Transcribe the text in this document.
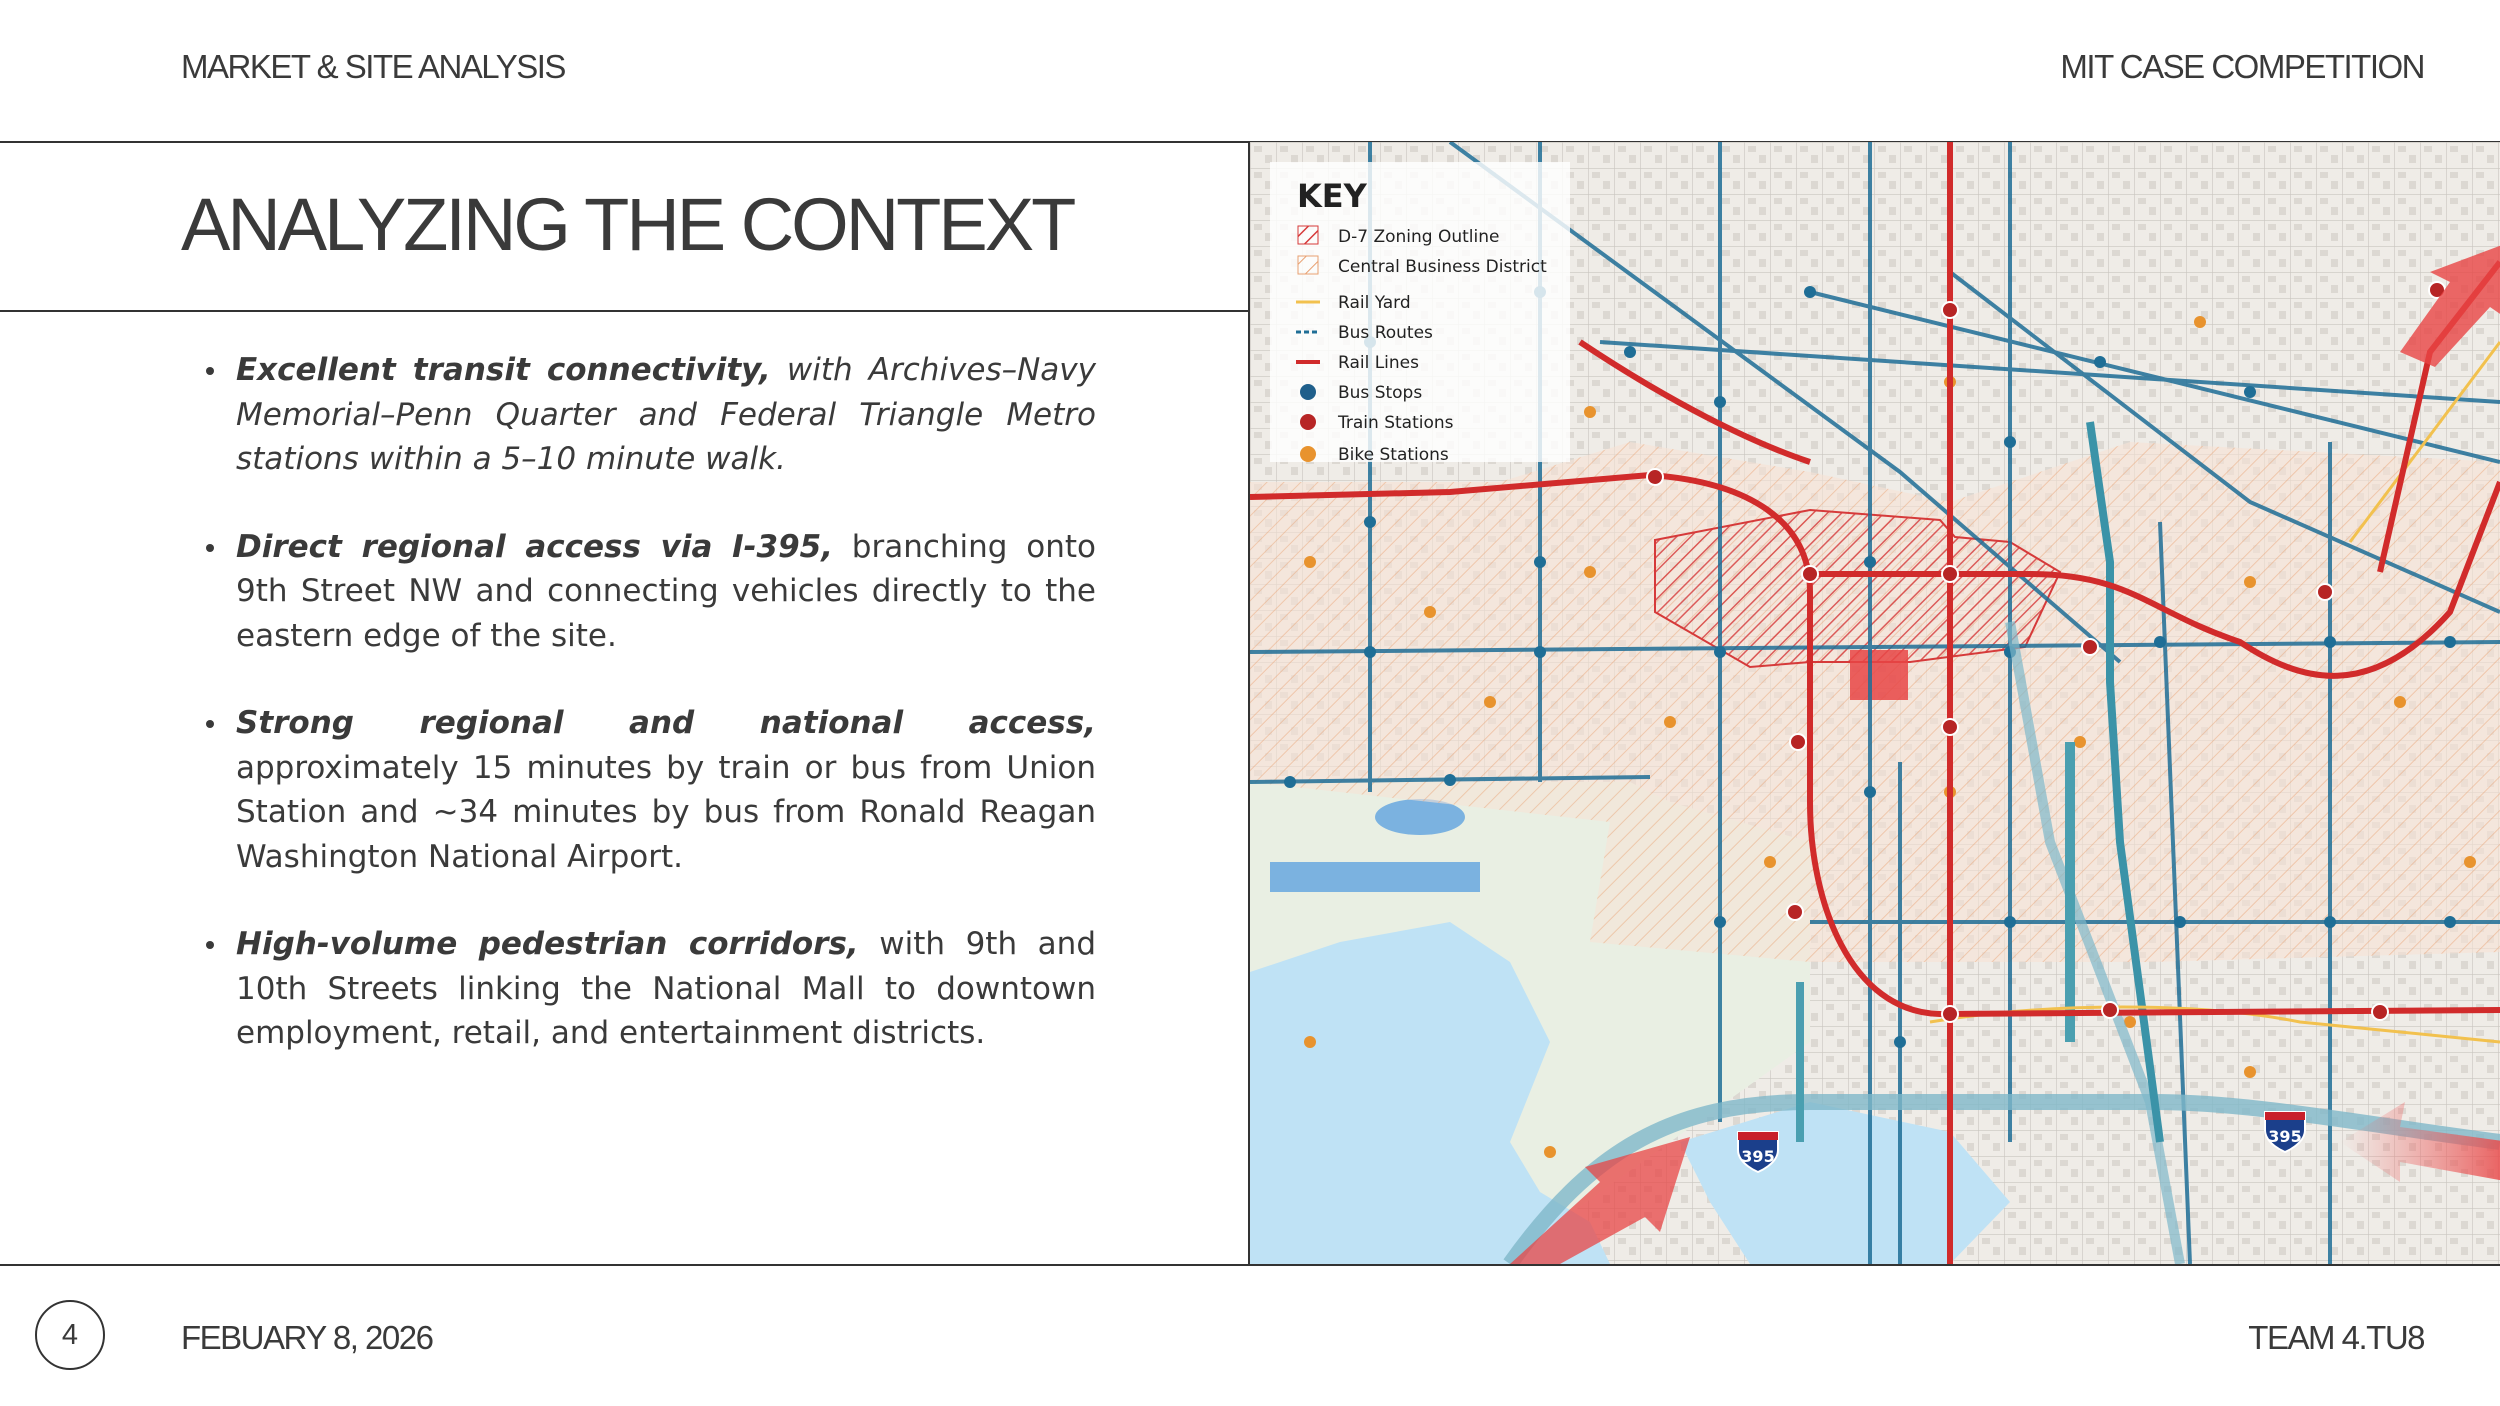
MARKET & SITE ANALYSIS	MIT CASE COMPETITION
ANALYZING THE CONTEXT
Excellent transit connectivity, with Archives–Navy Memorial–Penn Quarter and Federal Triangle Metro stations within a 5–10 minute walk.
Direct regional access via I-395, branching onto 9th Street NW and connecting vehicles directly to the eastern edge of the site.
Strong regional and national access, approximately 15 minutes by train or bus from Union Station and ~34 minutes by bus from Ronald Reagan Washington National Airport.
High-volume pedestrian corridors, with 9th and 10th Streets linking the National Mall to downtown employment, retail, and entertainment districts.
395
395
KEY
D-7 Zoning Outline
Central Business District
Rail Yard
Bus Routes
Rail Lines
Bus Stops
Train Stations
Bike Stations
4	FEBUARY 8, 2026	TEAM 4.TU8
